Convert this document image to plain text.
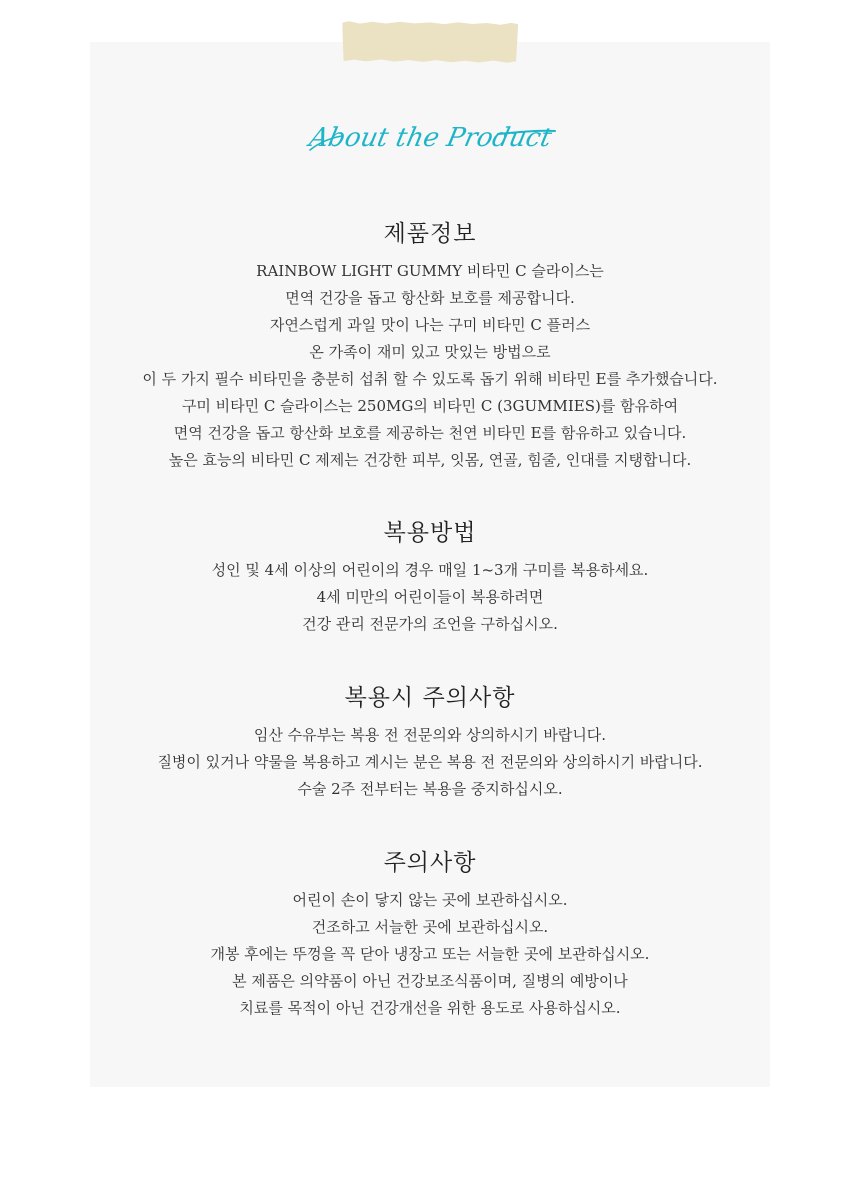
About the Product
제품정보
RAINBOW LIGHT GUMMY 비타민 C 슬라이스는
면역 건강을 돕고 항산화 보호를 제공합니다.
자연스럽게 과일 맛이 나는 구미 비타민 C 플러스
온 가족이 재미 있고 맛있는 방법으로
이 두 가지 필수 비타민을 충분히 섭취 할 수 있도록 돕기 위해 비타민 E를 추가했습니다.
구미 비타민 C 슬라이스는 250MG의 비타민 C (3GUMMIES)를 함유하여
면역 건강을 돕고 항산화 보호를 제공하는 천연 비타민 E를 함유하고 있습니다.
높은 효능의 비타민 C 제제는 건강한 피부, 잇몸, 연골, 힘줄, 인대를 지탱합니다.
복용방법
성인 및 4세 이상의 어린이의 경우 매일 1~3개 구미를 복용하세요.
4세 미만의 어린이들이 복용하려면
건강 관리 전문가의 조언을 구하십시오.
복용시 주의사항
임산 수유부는 복용 전 전문의와 상의하시기 바랍니다.
질병이 있거나 약물을 복용하고 계시는 분은 복용 전 전문의와 상의하시기 바랍니다.
수술 2주 전부터는 복용을 중지하십시오.
주의사항
어린이 손이 닿지 않는 곳에 보관하십시오.
건조하고 서늘한 곳에 보관하십시오.
개봉 후에는 뚜껑을 꼭 닫아 냉장고 또는 서늘한 곳에 보관하십시오.
본 제품은 의약품이 아닌 건강보조식품이며, 질병의 예방이나
치료를 목적이 아닌 건강개선을 위한 용도로 사용하십시오.
